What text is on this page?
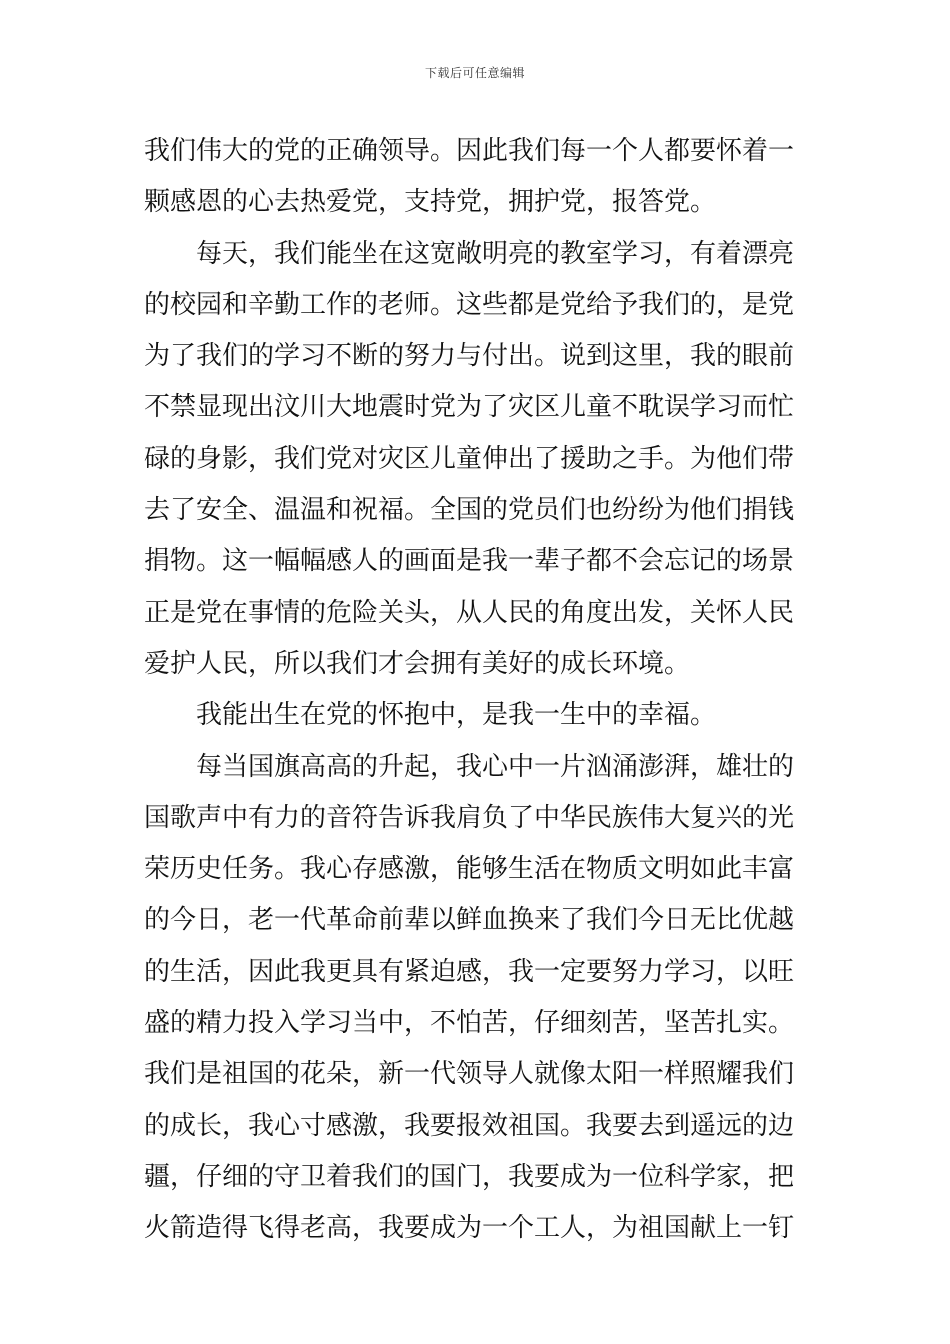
下载后可任意编辑
我们伟大的党的正确领导。因此我们每一个人都要怀着一
颗感恩的心去热爱党，支持党，拥护党，报答党。
　　每天，我们能坐在这宽敞明亮的教室学习，有着漂亮
的校园和辛勤工作的老师。这些都是党给予我们的，是党
为了我们的学习不断的努力与付出。说到这里，我的眼前
不禁显现出汶川大地震时党为了灾区儿童不耽误学习而忙
碌的身影，我们党对灾区儿童伸出了援助之手。为他们带
去了安全、温温和祝福。全国的党员们也纷纷为他们捐钱
捐物。这一幅幅感人的画面是我一辈子都不会忘记的场景
正是党在事情的危险关头，从人民的角度出发，关怀人民
爱护人民，所以我们才会拥有美好的成长环境。
　　我能出生在党的怀抱中，是我一生中的幸福。
　　每当国旗高高的升起，我心中一片汹涌澎湃，雄壮的
国歌声中有力的音符告诉我肩负了中华民族伟大复兴的光
荣历史任务。我心存感激，能够生活在物质文明如此丰富
的今日，老一代革命前辈以鲜血换来了我们今日无比优越
的生活，因此我更具有紧迫感，我一定要努力学习，以旺
盛的精力投入学习当中，不怕苦，仔细刻苦，坚苦扎实。
我们是祖国的花朵，新一代领导人就像太阳一样照耀我们
的成长，我心寸感激，我要报效祖国。我要去到遥远的边
疆，仔细的守卫着我们的国门，我要成为一位科学家，把
火箭造得飞得老高，我要成为一个工人，为祖国献上一钉
